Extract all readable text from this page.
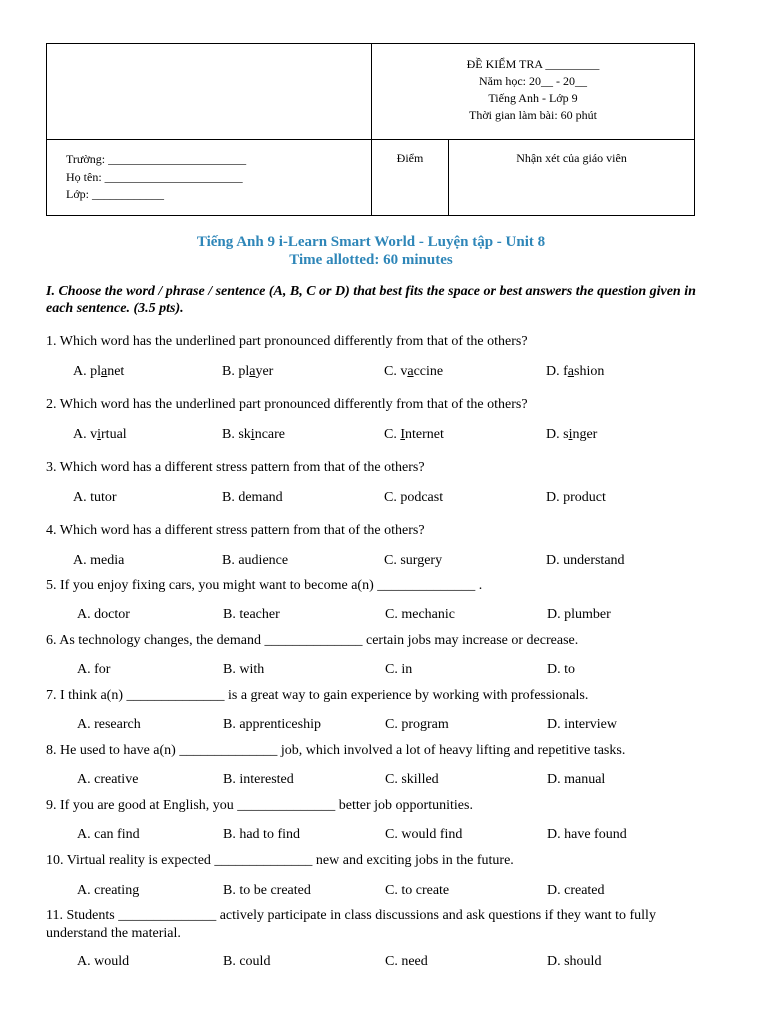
ĐỀ KIỂM TRA _________
Năm học: 20__ - 20__
Tiếng Anh - Lớp 9
Thời gian làm bài: 60 phút
Trường: _______________________
Họ tên: _______________________
Lớp: ____________
Điểm	Nhận xét của giáo viên
Tiếng Anh 9 i-Learn Smart World - Luyện tập - Unit 8
Time allotted: 60 minutes
I. Choose the word / phrase / sentence (A, B, C or D) that best fits the space or best answers the question given in each sentence. (3.5 pts).
1. Which word has the underlined part pronounced differently from that of the others?
A. planet	B. player	C. vaccine	D. fashion
2. Which word has the underlined part pronounced differently from that of the others?
A. virtual	B. skincare	C. Internet	D. singer
3. Which word has a different stress pattern from that of the others?
A. tutor	B. demand	C. podcast	D. product
4. Which word has a different stress pattern from that of the others?
A. media	B. audience	C. surgery	D. understand
5. If you enjoy fixing cars, you might want to become a(n) ______________ .
A. doctor	B. teacher	C. mechanic	D. plumber
6. As technology changes, the demand ______________ certain jobs may increase or decrease.
A. for	B. with	C. in	D. to
7. I think a(n) ______________ is a great way to gain experience by working with professionals.
A. research	B. apprenticeship	C. program	D. interview
8. He used to have a(n) ______________ job, which involved a lot of heavy lifting and repetitive tasks.
A. creative	B. interested	C. skilled	D. manual
9. If you are good at English, you ______________ better job opportunities.
A. can find	B. had to find	C. would find	D. have found
10. Virtual reality is expected ______________ new and exciting jobs in the future.
A. creating	B. to be created	C. to create	D. created
11. Students ______________ actively participate in class discussions and ask questions if they want to fully understand the material.
A. would	B. could	C. need	D. should
